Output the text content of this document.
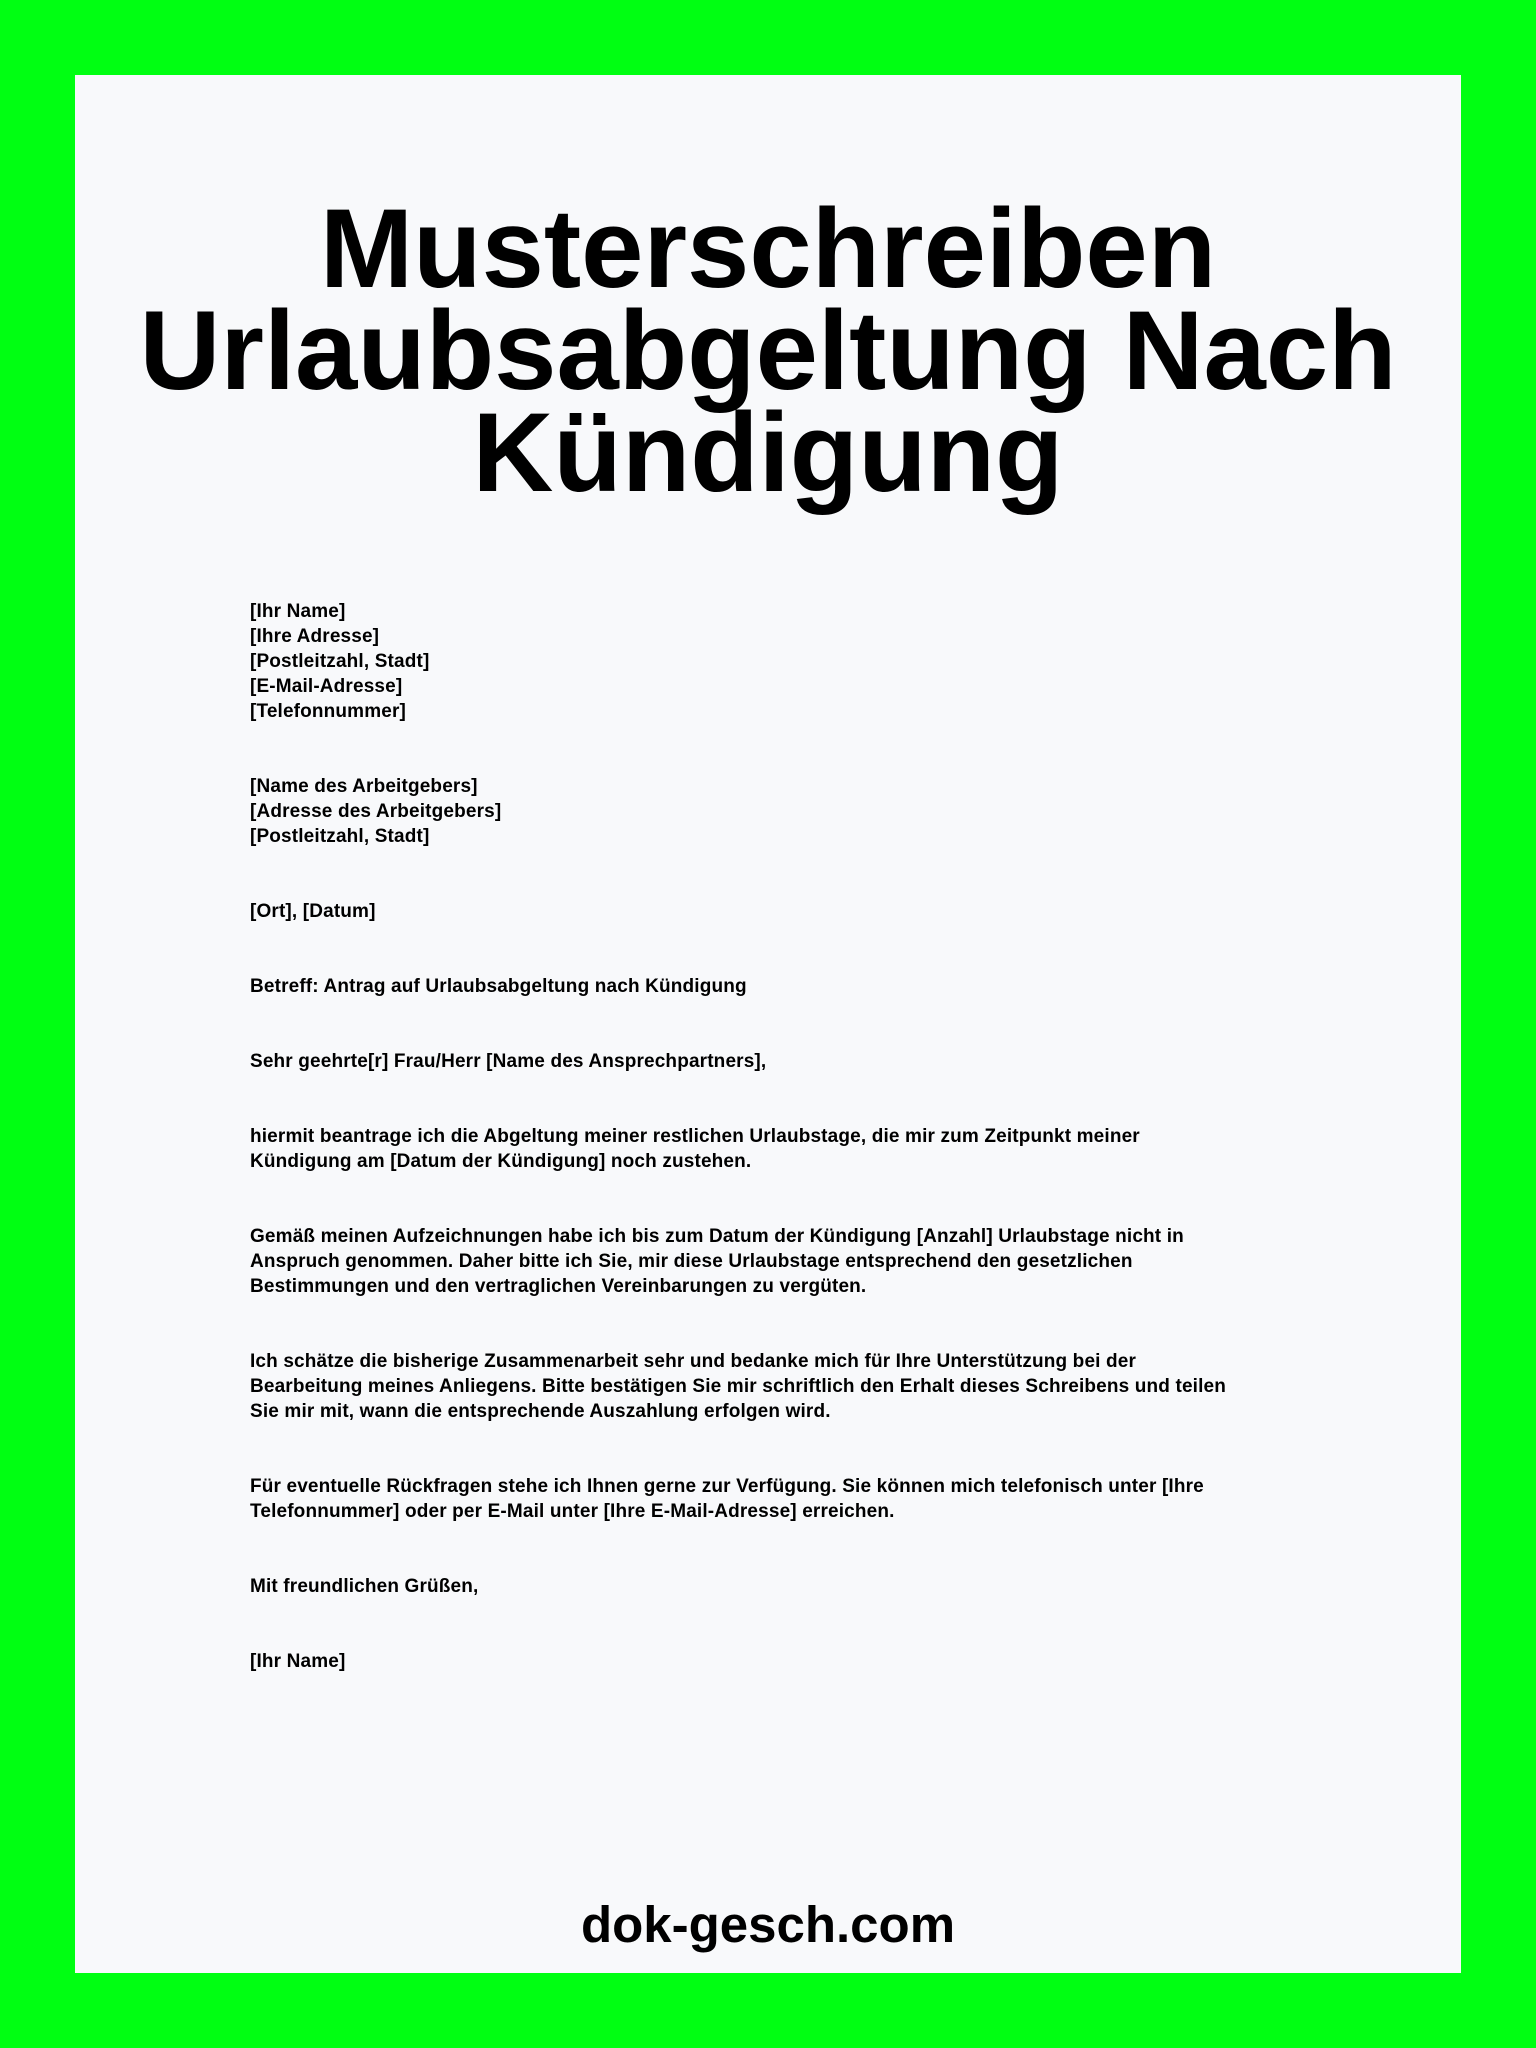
Musterschreiben
Urlaubsabgeltung Nach
Kündigung
[Ihr Name]
[Ihre Adresse]
[Postleitzahl, Stadt]
[E-Mail-Adresse]
[Telefonnummer]
[Name des Arbeitgebers]
[Adresse des Arbeitgebers]
[Postleitzahl, Stadt]

[Ort], [Datum]

Betreff: Antrag auf Urlaubsabgeltung nach Kündigung

Sehr geehrte[r] Frau/Herr [Name des Ansprechpartners],

hiermit beantrage ich die Abgeltung meiner restlichen Urlaubstage, die mir zum Zeitpunkt meiner
Kündigung am [Datum der Kündigung] noch zustehen.
Gemäß meinen Aufzeichnungen habe ich bis zum Datum der Kündigung [Anzahl] Urlaubstage nicht in
Anspruch genommen. Daher bitte ich Sie, mir diese Urlaubstage entsprechend den gesetzlichen
Bestimmungen und den vertraglichen Vereinbarungen zu vergüten.
Ich schätze die bisherige Zusammenarbeit sehr und bedanke mich für Ihre Unterstützung bei der
Bearbeitung meines Anliegens. Bitte bestätigen Sie mir schriftlich den Erhalt dieses Schreibens und teilen
Sie mir mit, wann die entsprechende Auszahlung erfolgen wird.
Für eventuelle Rückfragen stehe ich Ihnen gerne zur Verfügung. Sie können mich telefonisch unter [Ihre
Telefonnummer] oder per E-Mail unter [Ihre E-Mail-Adresse] erreichen.

Mit freundlichen Grüßen,

[Ihr Name]

dok-gesch.com
